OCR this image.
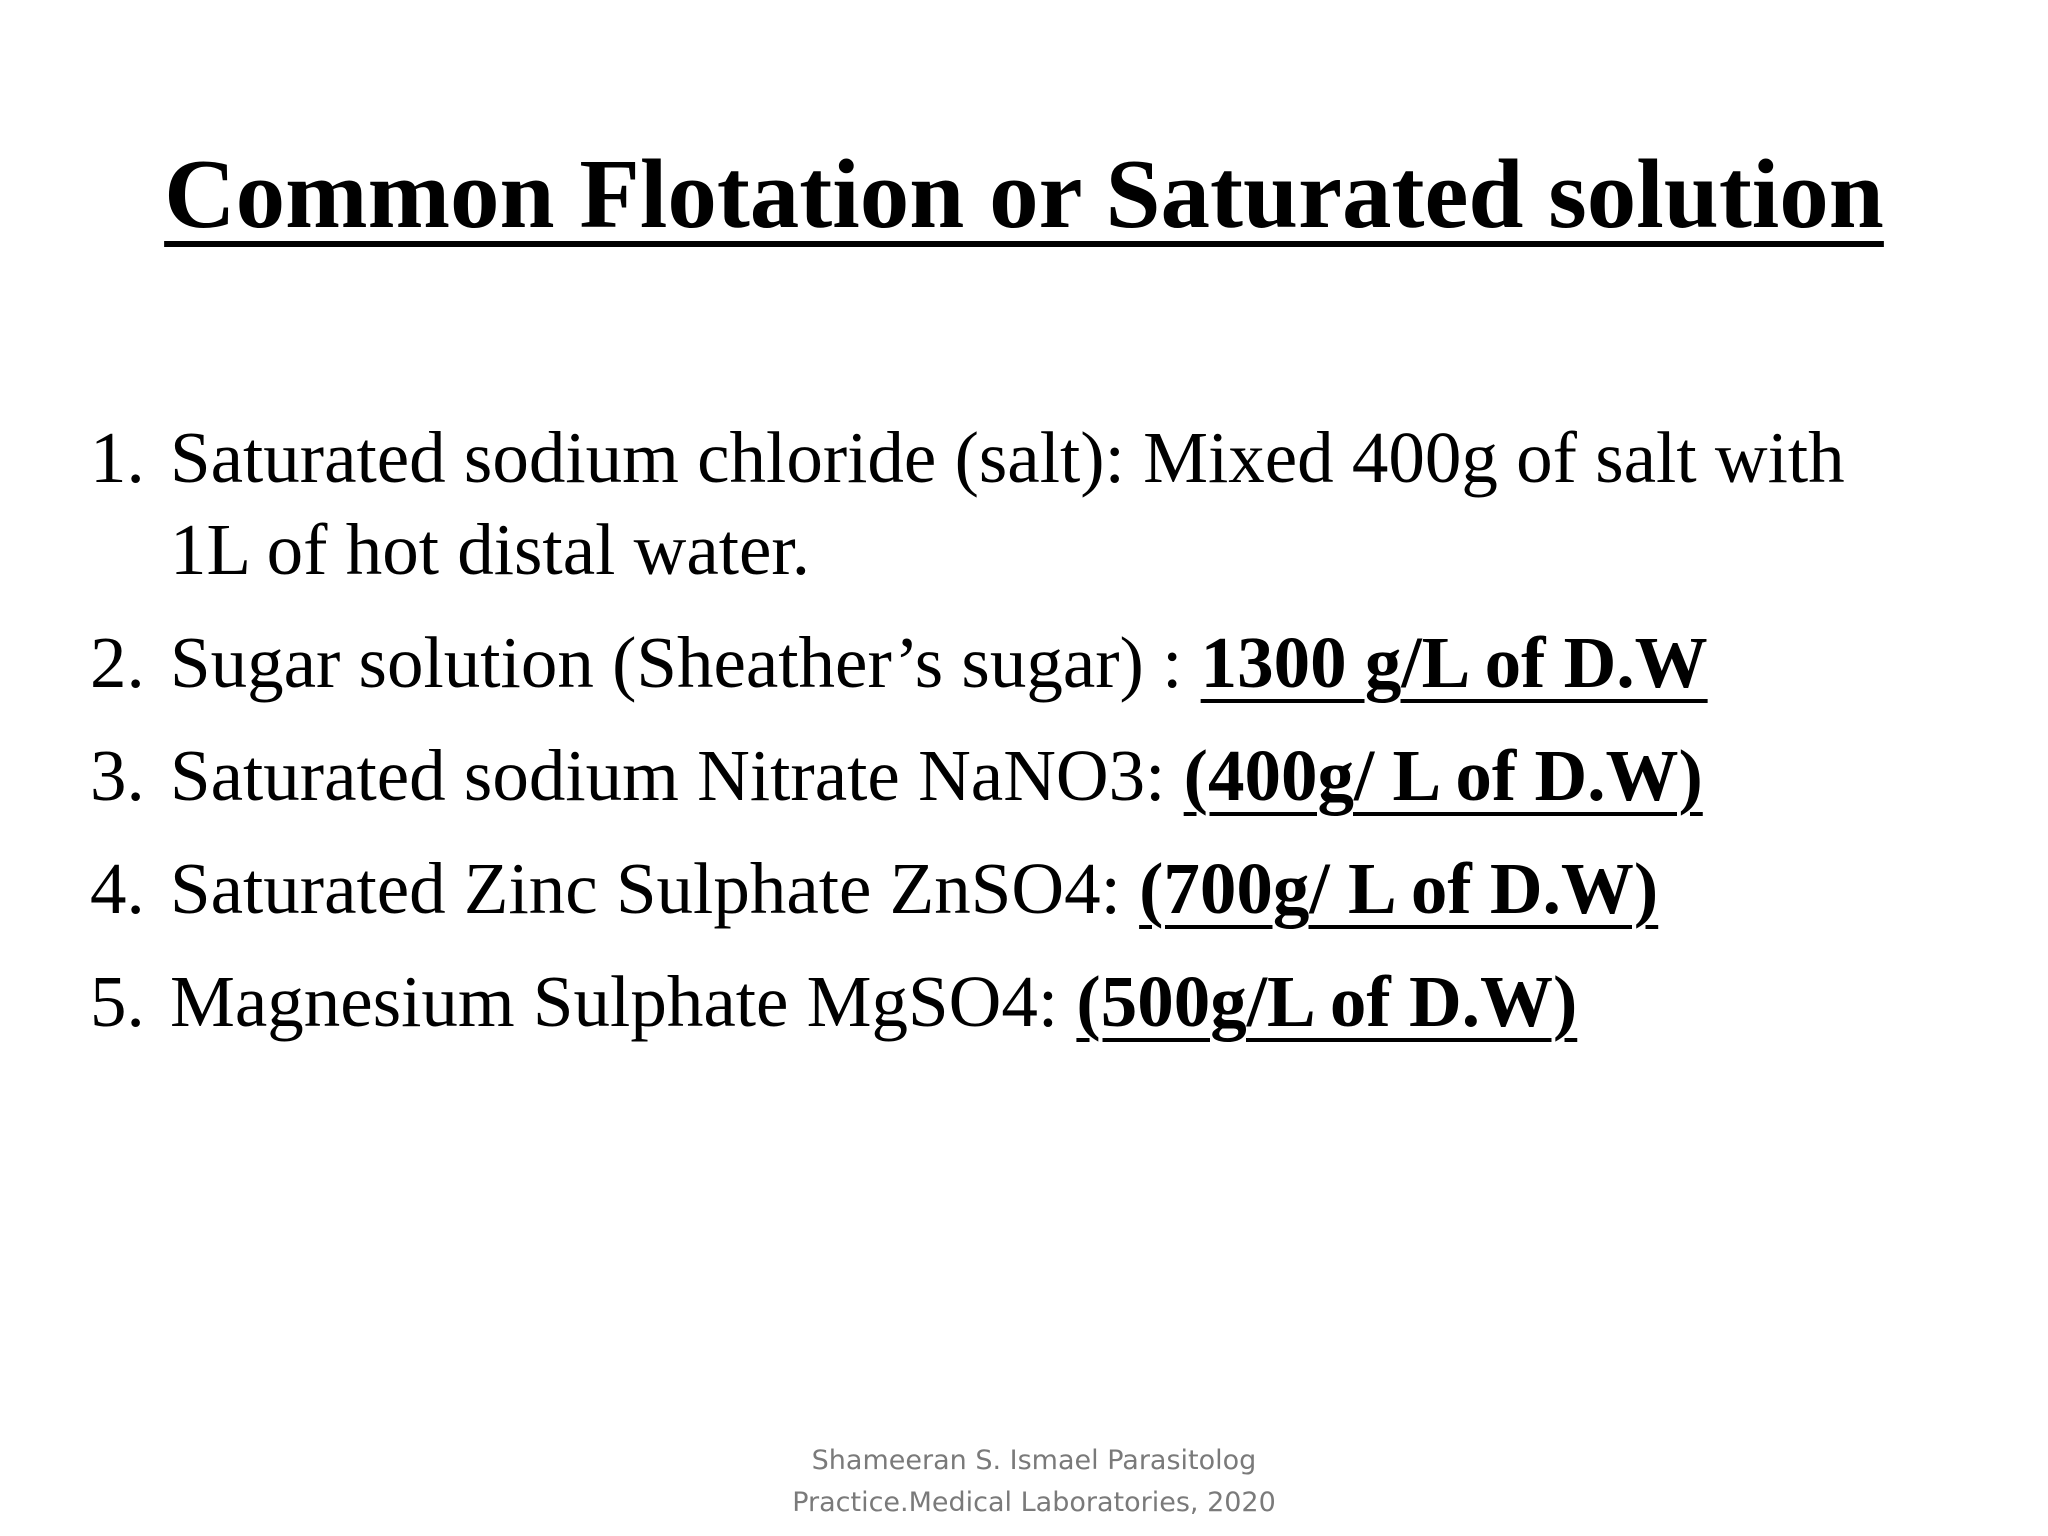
Common Flotation or Saturated solution
1. Saturated sodium chloride (salt): Mixed 400g of salt with 1L of hot distal water.
2. Sugar solution (Sheather’s sugar) : 1300 g/L of D.W
3. Saturated sodium Nitrate NaNO3: (400g/ L of D.W)
4. Saturated Zinc Sulphate ZnSO4: (700g/ L of D.W)
5. Magnesium Sulphate MgSO4: (500g/L of D.W)
Shameeran S. Ismael Parasitolog
Practice.Medical Laboratories, 2020
